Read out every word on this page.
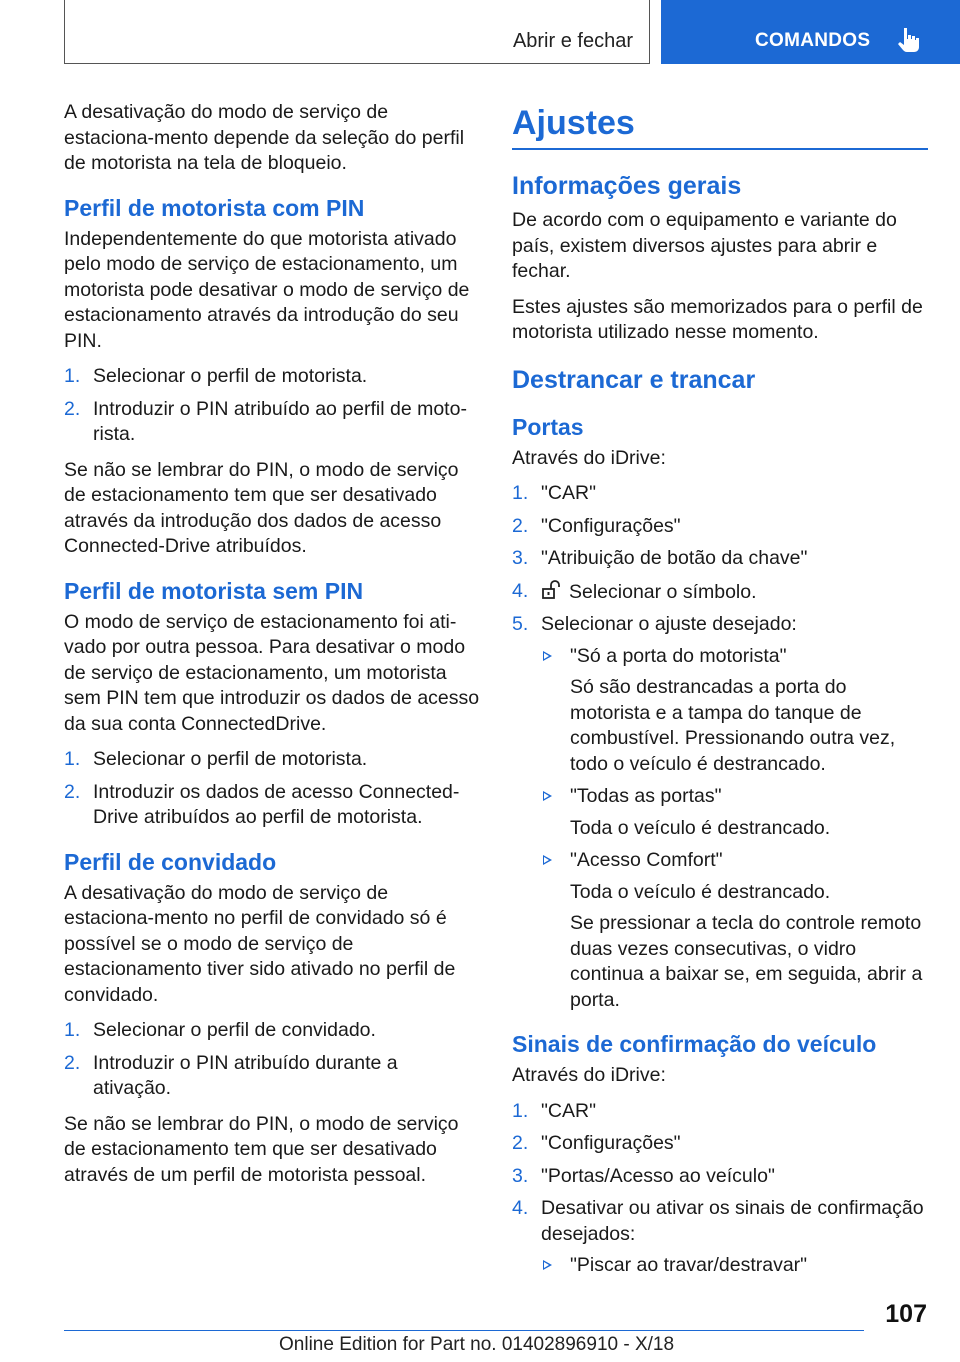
Abrir e fechar	COMANDOS

A desativação do modo de serviço de estaciona-mento depende da seleção do perfil de motorista na tela de bloqueio.

Perfil de motorista com PIN

Independentemente do que motorista ativado pelo modo de serviço de estacionamento, um motorista pode desativar o modo de serviço de estacionamento através da introdução do seu PIN.

1. Selecionar o perfil de motorista.
2. Introduzir o PIN atribuído ao perfil de moto-rista.

Se não se lembrar do PIN, o modo de serviço de estacionamento tem que ser desativado através da introdução dos dados de acesso Connected-Drive atribuídos.

Perfil de motorista sem PIN

O modo de serviço de estacionamento foi ati-vado por outra pessoa. Para desativar o modo de serviço de estacionamento, um motorista sem PIN tem que introduzir os dados de acesso da sua conta ConnectedDrive.

1. Selecionar o perfil de motorista.
2. Introduzir os dados de acesso Connected-Drive atribuídos ao perfil de motorista.
Perfil de convidado

A desativação do modo de serviço de estaciona-mento no perfil de convidado só é possível se o modo de serviço de estacionamento tiver sido ativado no perfil de convidado.

1. Selecionar o perfil de convidado.
2. Introduzir o PIN atribuído durante a ativação.

Se não se lembrar do PIN, o modo de serviço de estacionamento tem que ser desativado através de um perfil de motorista pessoal.

Ajustes
Informações gerais

De acordo com o equipamento e variante do país, existem diversos ajustes para abrir e fechar.

Estes ajustes são memorizados para o perfil de motorista utilizado nesse momento.

Destrancar e trancar
Portas

Através do iDrive:

1. "CAR"
2. "Configurações"
3. "Atribuição de botão da chave"
4. Selecionar o símbolo.
5. Selecionar o ajuste desejado:
"Só a porta do motorista"
Só são destrancadas a porta do motorista e a tampa do tanque de combustível. Pressionando outra vez, todo o veículo é destrancado.
"Todas as portas"
Toda o veículo é destrancado.
"Acesso Comfort"
Toda o veículo é destrancado.
Se pressionar a tecla do controle remoto duas vezes consecutivas, o vidro continua a baixar se, em seguida, abrir a porta.
Sinais de confirmação do veículo

Através do iDrive:

1. "CAR"
2. "Configurações"
3. "Portas/Acesso ao veículo"
4. Desativar ou ativar os sinais de confirmação desejados:
"Piscar ao travar/destravar"
107
Online Edition for Part no. 01402896910 - X/18
